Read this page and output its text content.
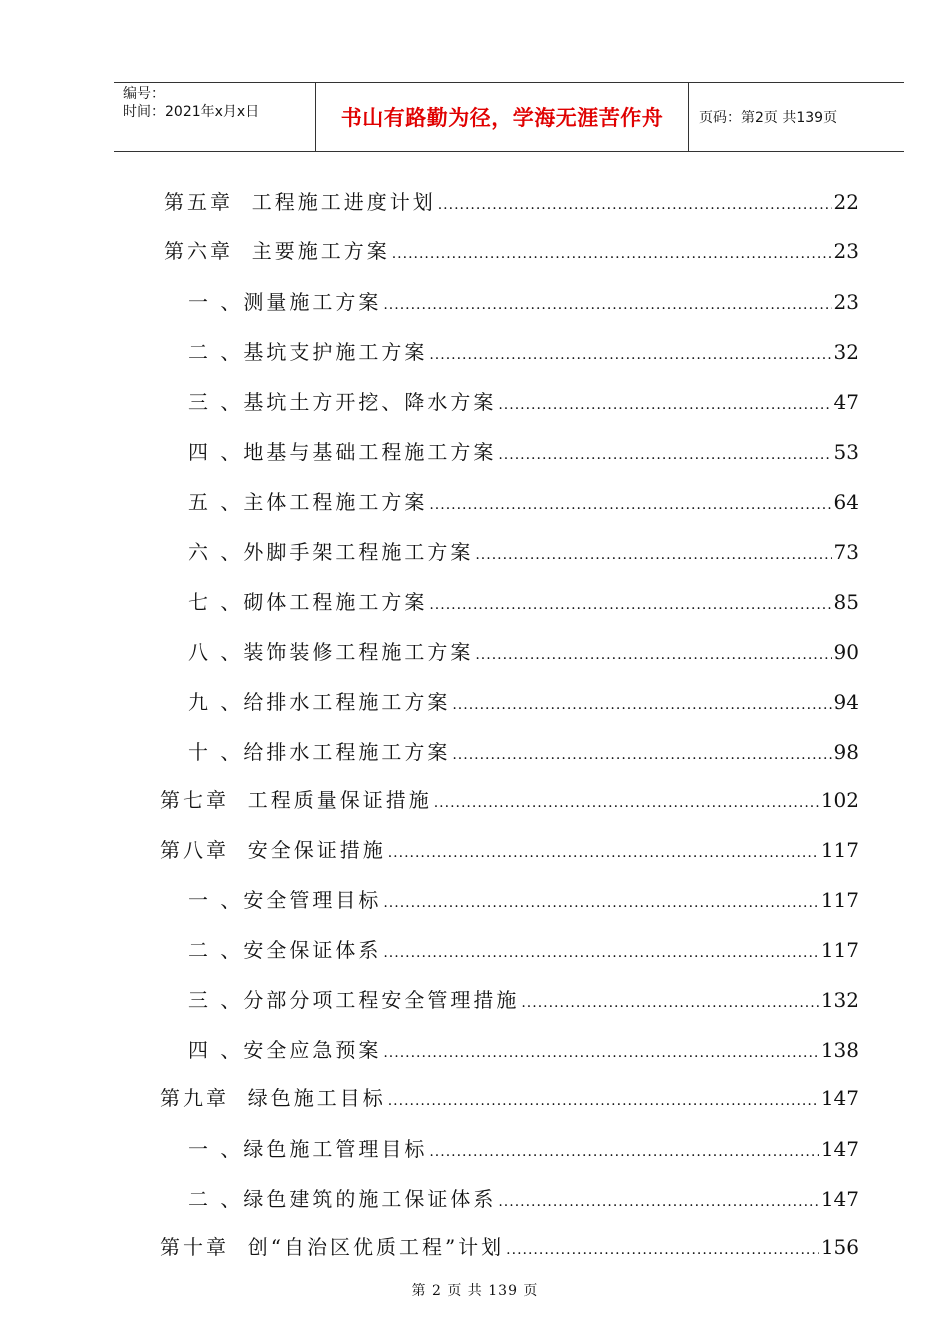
编号：
时间：2021年x月x日	书山有路勤为径，学海无涯苦作舟	页码：第2页 共139页
第五章  工程施工进度计划 .....	22
第六章  主要施工方案 .....	23
一 、测量施工方案 .....	23
二 、基坑支护施工方案 .....	32
三 、基坑土方开挖、降水方案 .....	47
四 、地基与基础工程施工方案 .....	53
五 、主体工程施工方案 .....	64
六 、外脚手架工程施工方案 .....	73
七 、砌体工程施工方案 .....	85
八 、装饰装修工程施工方案 .....	90
九 、给排水工程施工方案 .....	94
十 、给排水工程施工方案 .....	98
第七章  工程质量保证措施 .....	102
第八章  安全保证措施 .....	117
一 、安全管理目标 .....	117
二 、安全保证体系 .....	117
三 、分部分项工程安全管理措施 .....	132
四 、安全应急预案 .....	138
第九章  绿色施工目标 .....	147
一 、绿色施工管理目标 .....	147
二 、绿色建筑的施工保证体系 .....	147
第十章  创“自治区优质工程”计划 .....	156
第 2 页 共 139 页
